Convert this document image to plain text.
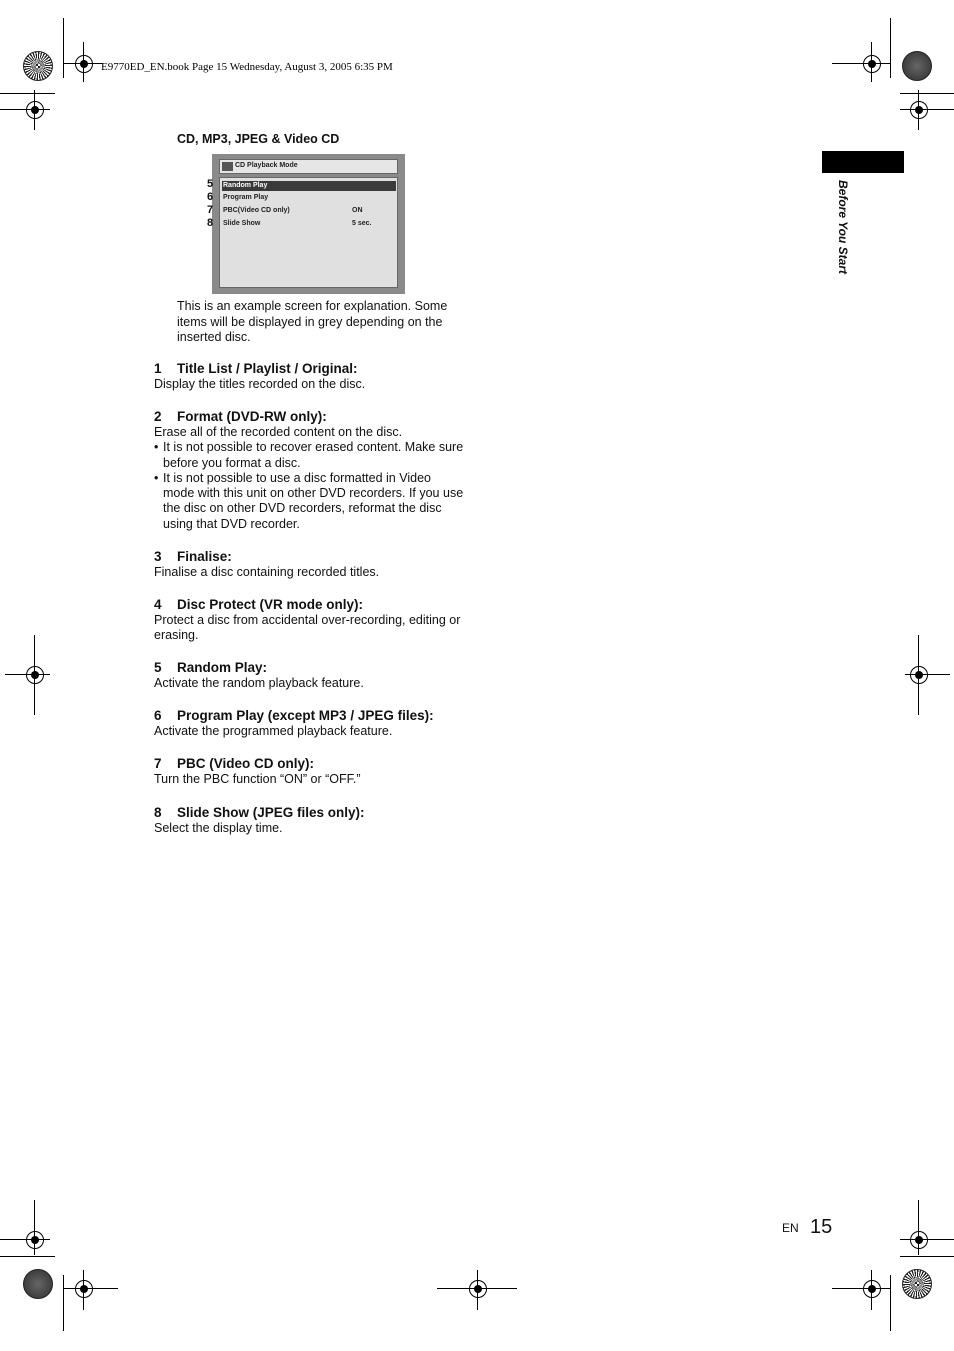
E9770ED_EN.book Page 15 Wednesday, August 3, 2005 6:35 PM
CD, MP3, JPEG & Video CD
CD Playback Mode
Random Play
Program Play
PBC(Video CD only)	ON
Slide Show	5 sec.
5
6
7
8
This is an example screen for explanation. Some items will be displayed in grey depending on the inserted disc.
1 Title List / Playlist / Original:

Display the titles recorded on the disc.

2 Format (DVD-RW only):

Erase all of the recorded content on the disc.

• It is not possible to recover erased content. Make sure before you format a disc.
• It is not possible to use a disc formatted in Video mode with this unit on other DVD recorders. If you use the disc on other DVD recorders, reformat the disc using that DVD recorder.
3 Finalise:

Finalise a disc containing recorded titles.

4 Disc Protect (VR mode only):

Protect a disc from accidental over-recording, editing or erasing.

5 Random Play:

Activate the random playback feature.

6 Program Play (except MP3 / JPEG files):

Activate the programmed playback feature.

7 PBC (Video CD only):

Turn the PBC function “ON” or “OFF.”

8 Slide Show (JPEG files only):

Select the display time.

Before You Start
EN 15
